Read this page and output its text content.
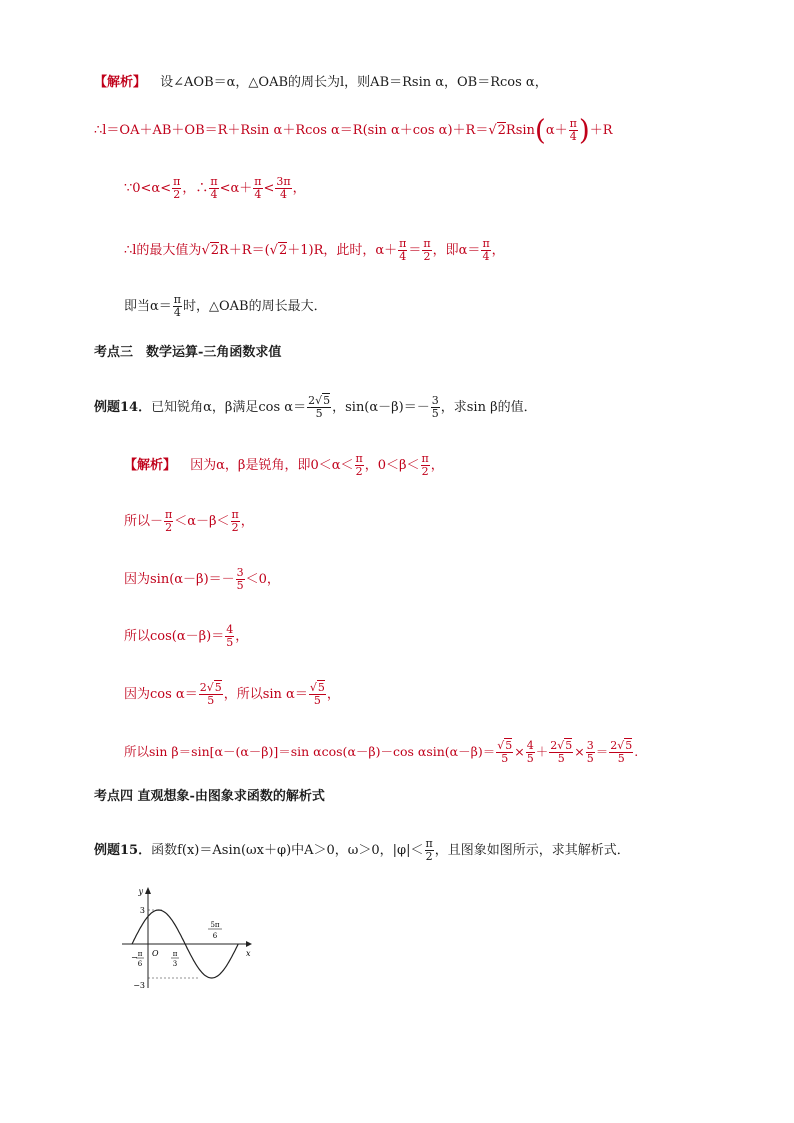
【解析】 设∠AOB＝α，△OAB的周长为l，则AB＝Rsin α，OB＝Rcos α，
∴l＝OA＋AB＋OB＝R＋Rsin α＋Rcos α＝R(sin α＋cos $\alpha)+R=√2Rsin(\alpha+ \frac{\pi}{4} )+R$
∵0<α< $\frac{\pi}{2}$ ，∴ $\frac{\pi}{4} <\alpha+ \frac{\pi}{4} < \frac{3\pi}{4}$ ，
∴l的最大值为√2R＋R＝(√2＋1)R，此时，$\alpha+ \frac{\pi}{4} = \frac{\pi}{2}$ ，即$\alpha= \frac{\pi}{4}$ ，
即当$\alpha= \frac{\pi}{4}$ 时，△OAB的周长最大．
考点三　数学运算-三角函数求值
例题14．已知锐角α，β满足$\cos \alpha= \frac{2√5}{5}$ ，$\sin(\alpha-\beta)=- \frac{3}{5}$ ，求sin β的值．
【解析】 因为α，β是锐角，即$0<\alpha< \frac{\pi}{2}$ ，$0<\beta< \frac{\pi}{2}$ ，
所以－ $\frac{\pi}{2} <\alpha-\beta< \frac{\pi}{2}$ ，
因为$\sin(\alpha-\beta)=- \frac{3}{5} <0$，
所以$\cos(\alpha-\beta)= \frac{4}{5}$ ，
因为$\cos \alpha= \frac{2√5}{5}$ ，所以$\sin \alpha= \frac{√5}{5}$ ，
所以sin β＝sin[α－(α－β)]＝sin αcos(α－β)－cos $\alpha\sin(\alpha-\beta)= \frac{√5}{5} \times \frac{4}{5} + \frac{2√5}{5} \times \frac{3}{5} = \frac{2√5}{5}$ .
考点四 直观想象-由图象求函数的解析式
例题15．函数f(x)＝Asin(ωx＋φ)中A＞0，ω＞0，$|\varphi|< \frac{\pi}{2}$ ，且图象如图所示，求其解析式．
y
x
3
−3
O
− π
6
π
3
5π
6
